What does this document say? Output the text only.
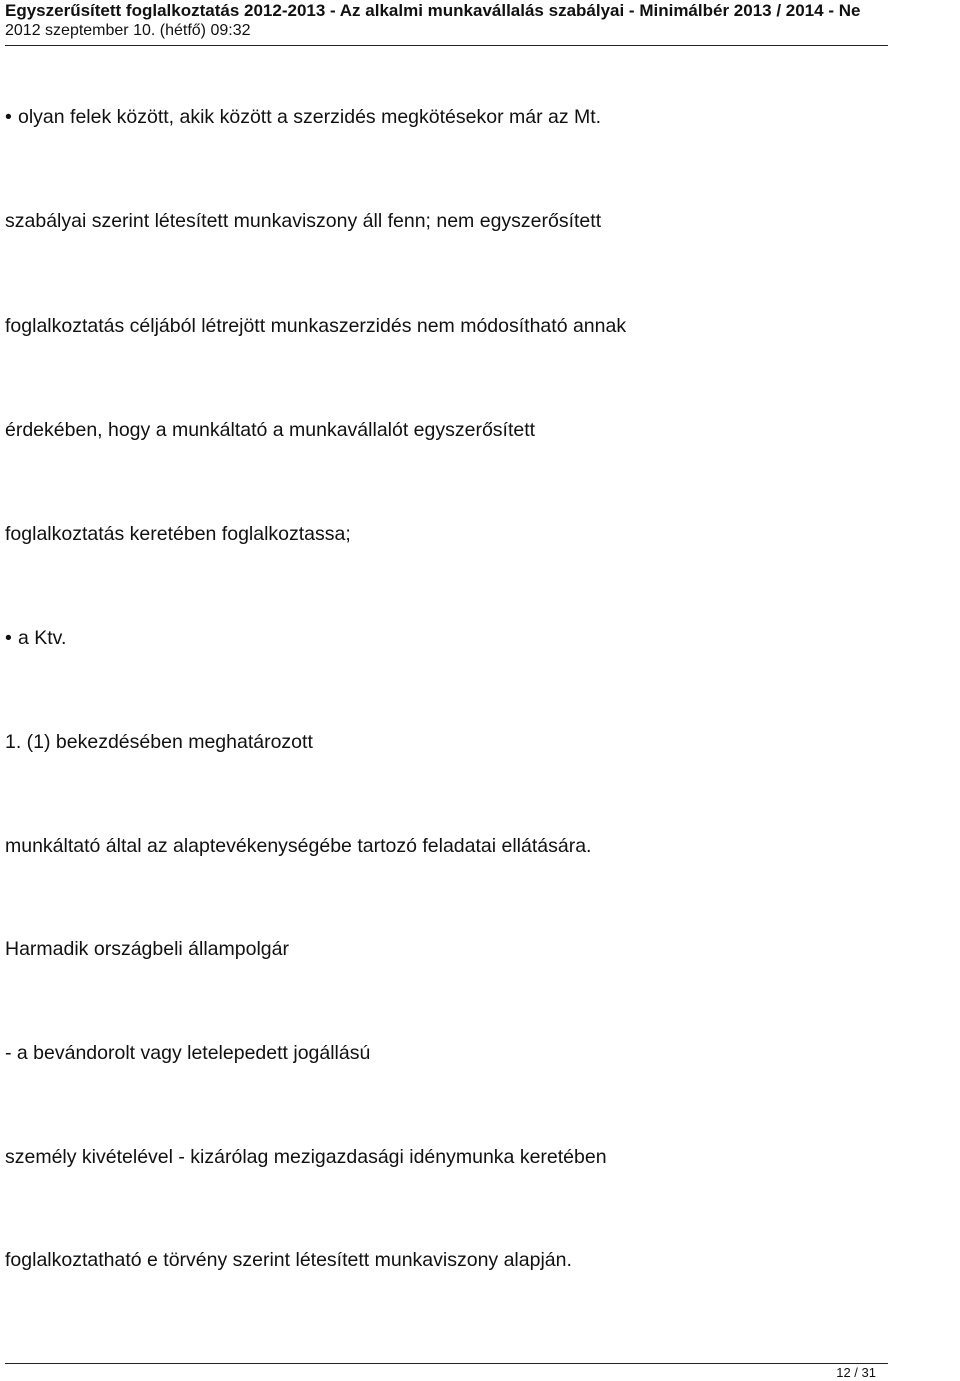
Egyszerűsített foglalkoztatás 2012-2013 - Az alkalmi munkavállalás szabályai - Minimálbér 2013 / 2014 - Ne
2012 szeptember 10. (hétfő) 09:32
• olyan felek között, akik között a szerzidés megkötésekor már az Mt.
szabályai szerint létesített munkaviszony áll fenn; nem egyszerősített
foglalkoztatás céljából létrejött munkaszerzidés nem módosítható annak
érdekében, hogy a munkáltató a munkavállalót egyszerősített
foglalkoztatás keretében foglalkoztassa;
• a Ktv.
1. (1) bekezdésében meghatározott
munkáltató által az alaptevékenységébe tartozó feladatai ellátására.
Harmadik országbeli állampolgár
- a bevándorolt vagy letelepedett jogállású
személy kivételével - kizárólag mezigazdasági idénymunka keretében
foglalkoztatható e törvény szerint létesített munkaviszony alapján.
12 / 31
